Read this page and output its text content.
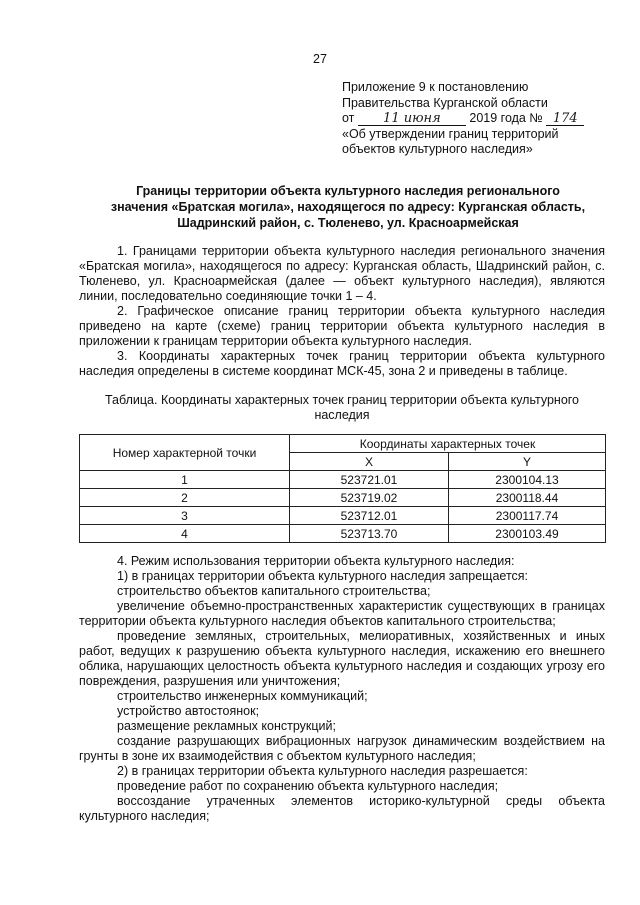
27
Приложение 9 к постановлению
Правительства Курганской области
от 11 июня 2019 года № 174
«Об утверждении границ территорий
объектов культурного наследия»
Границы территории объекта культурного наследия регионального
значения «Братская могила», находящегося по адресу: Курганская область,
Шадринский район, с. Тюленево, ул. Красноармейская
1. Границами территории объекта культурного наследия регионального значения «Братская могила», находящегося по адресу: Курганская область, Шадринский район, с. Тюленево, ул. Красноармейская (далее — объект культурного наследия), являются линии, последовательно соединяющие точки 1 – 4.
2. Графическое описание границ территории объекта культурного наследия приведено на карте (схеме) границ территории объекта культурного наследия в приложении к границам территории объекта культурного наследия.
3. Координаты характерных точек границ территории объекта культурного наследия определены в системе координат МСК-45, зона 2 и приведены в таблице.
Таблица. Координаты характерных точек границ территории объекта культурного
наследия
Номер характерной точки	Координаты характерных точек	
	X	Y
1	523721.01	2300104.13
2	523719.02	2300118.44
3	523712.01	2300117.74
4	523713.70	2300103.49
4. Режим использования территории объекта культурного наследия:
1) в границах территории объекта культурного наследия запрещается:
строительство объектов капитального строительства;
увеличение объемно-пространственных характеристик существующих в границах территории объекта культурного наследия объектов капитального строительства;
проведение земляных, строительных, мелиоративных, хозяйственных и иных работ, ведущих к разрушению объекта культурного наследия, искажению его внешнего облика, нарушающих целостность объекта культурного наследия и создающих угрозу его повреждения, разрушения или уничтожения;
строительство инженерных коммуникаций;
устройство автостоянок;
размещение рекламных конструкций;
создание разрушающих вибрационных нагрузок динамическим воздействием на грунты в зоне их взаимодействия с объектом культурного наследия;
2) в границах территории объекта культурного наследия разрешается:
проведение работ по сохранению объекта культурного наследия;
воссоздание утраченных элементов историко-культурной среды объекта культурного наследия;
